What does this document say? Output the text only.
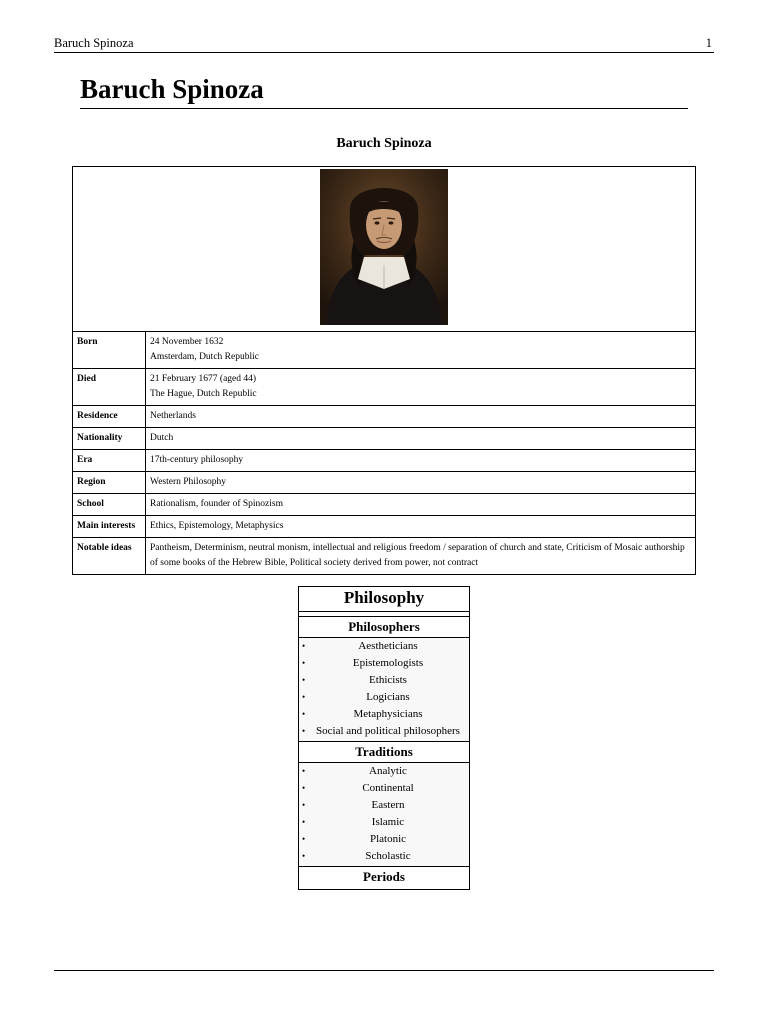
Baruch Spinoza	1
Baruch Spinoza
Baruch Spinoza

Born	24 November 1632
Amsterdam, Dutch Republic

Died	21 February 1677 (aged 44)
The Hague, Dutch Republic

Residence	Netherlands

Nationality	Dutch

Era	17th-century philosophy

Region	Western Philosophy

School	Rationalism, founder of Spinozism

Main interests	Ethics, Epistemology, Metaphysics

Notable ideas	Pantheism, Determinism, neutral monism, intellectual and religious freedom / separation of church and state, Criticism of Mosaic authorship of some books of the Hebrew Bible, Political society derived from power, not contract
Philosophy
Philosophers
•	Aestheticians
•	Epistemologists
•	Ethicists
•	Logicians
•	Metaphysicians
• Social and political philosophers
Traditions
•	Analytic
•	Continental
•	Eastern
•	Islamic
•	Platonic
•	Scholastic
Periods
